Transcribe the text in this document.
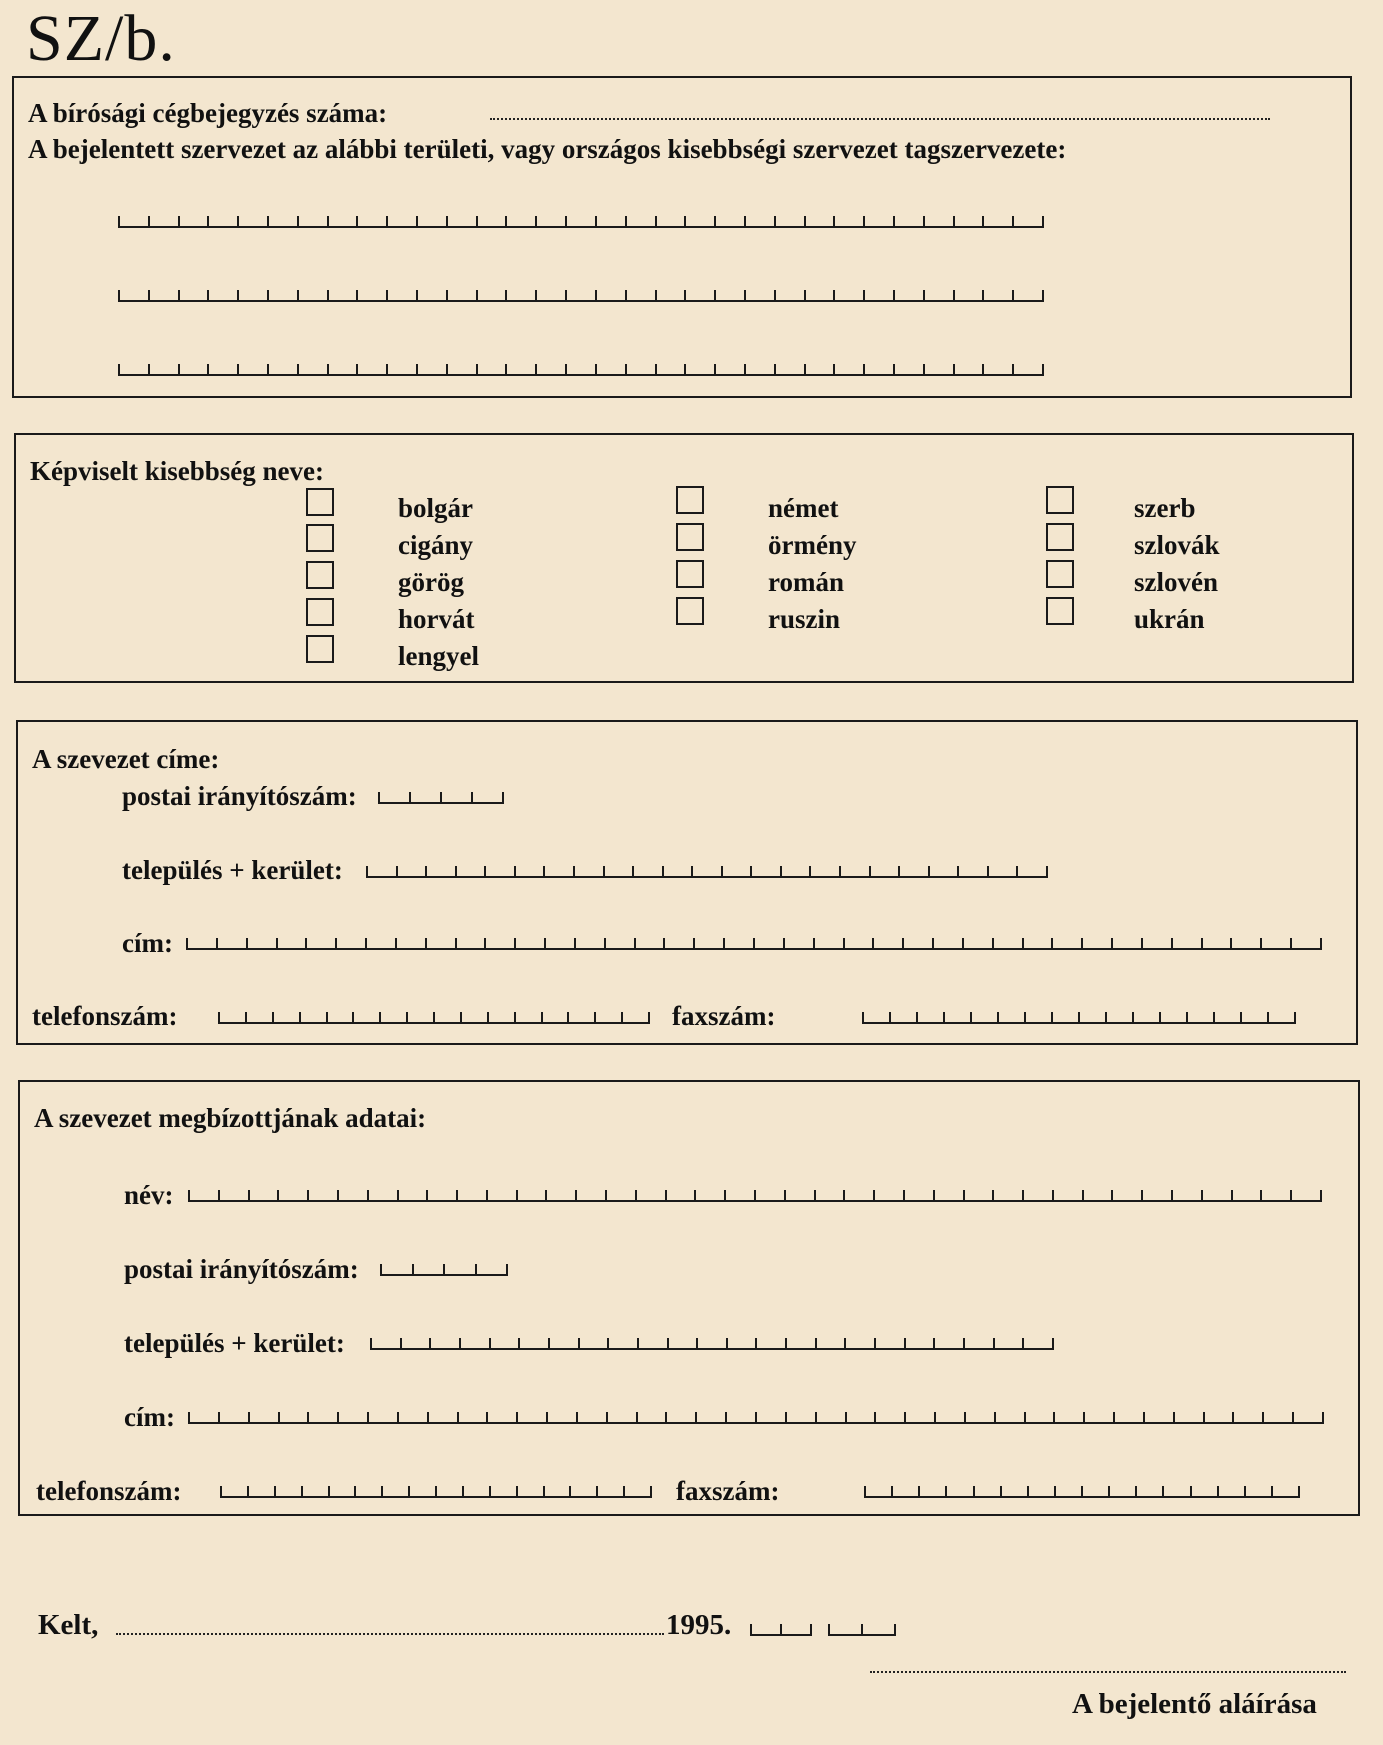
SZ/b.
A bírósági cégbejegyzés száma:
A bejelentett szervezet az alábbi területi, vagy országos kisebbségi szervezet tagszervezete:
Képviselt kisebbség neve:
bolgár
cigány
görög
horvát
lengyel
német
örmény
román
ruszin
szerb
szlovák
szlovén
ukrán
A szevezet címe:
postai irányítószám:
település + kerület:
cím:
telefonszám:	faxszám:
A szevezet megbízottjának adatai:
név:
postai irányítószám:
település + kerület:
cím:
telefonszám:	faxszám:
Kelt,	1995.
A bejelentő aláírása
